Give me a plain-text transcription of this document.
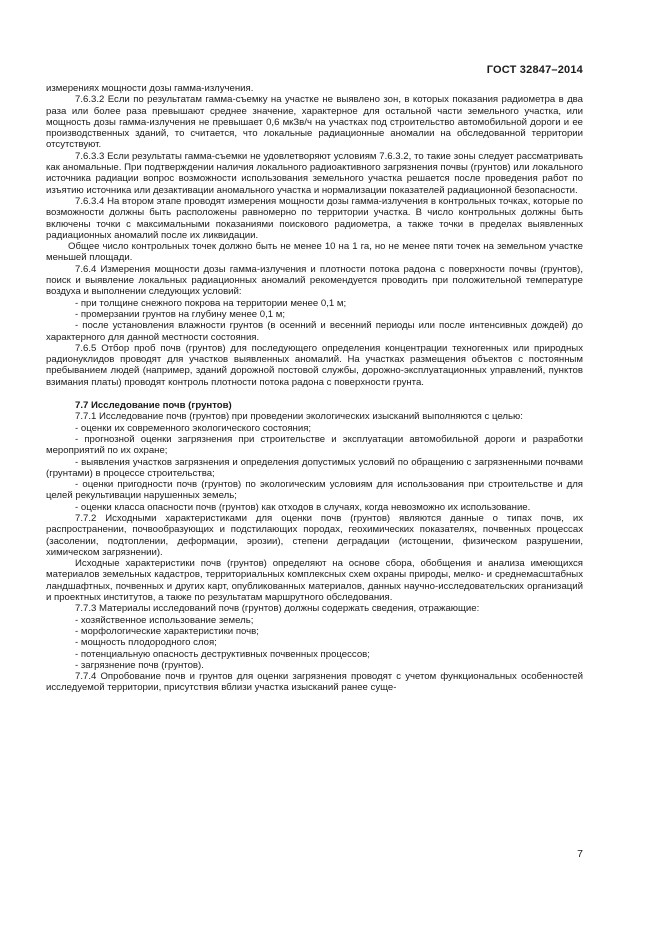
ГОСТ 32847–2014

измерениях мощности дозы гамма-излучения.

7.6.3.2 Если по результатам гамма-съемку на участке не выявлено зон, в которых показания радиометра в два раза или более раза превышают среднее значение, характерное для остальной части земельного участка, или мощность дозы гамма-излучения не превышает 0,6 мкЗв/ч на участках под строительство автомобильной дороги и ее производственных зданий, то считается, что локальные радиационные аномалии на обследованной территории отсутствуют.

7.6.3.3 Если результаты гамма-съемки не удовлетворяют условиям 7.6.3.2, то такие зоны следует рассматривать как аномальные. При подтверждении наличия локального радиоактивного загрязнения почвы (грунтов) или локального источника радиации вопрос возможности использования земельного участка решается после проведения работ по изъятию источника или дезактивации аномального участка и нормализации показателей радиационной безопасности.

7.6.3.4 На втором этапе проводят измерения мощности дозы гамма-излучения в контрольных точках, которые по возможности должны быть расположены равномерно по территории участка. В число контрольных должны быть включены точки с максимальными показаниями поискового радиометра, а также точки в пределах выявленных радиационных аномалий после их ликвидации.

Общее число контрольных точек должно быть не менее 10 на 1 га, но не менее пяти точек на земельном участке меньшей площади.

7.6.4 Измерения мощности дозы гамма-излучения и плотности потока радона с поверхности почвы (грунтов), поиск и выявление локальных радиационных аномалий рекомендуется проводить при положительной температуре воздуха и выполнении следующих условий:

- при толщине снежного покрова на территории менее 0,1 м;

- промерзании грунтов на глубину менее 0,1 м;

- после установления влажности грунтов (в осенний и весенний периоды или после интенсивных дождей) до характерного для данной местности состояния.

7.6.5 Отбор проб почв (грунтов) для последующего определения концентрации техногенных или природных радионуклидов проводят для участков выявленных аномалий. На участках размещения объектов с постоянным пребыванием людей (например, зданий дорожной постовой службы, дорожно-эксплуатационных управлений, пунктов взимания платы) проводят контроль плотности потока радона с поверхности грунта.

7.7 Исследование почв (грунтов)

7.7.1 Исследование почв (грунтов) при проведении экологических изысканий выполняются с целью:

- оценки их современного экологического состояния;

- прогнозной оценки загрязнения при строительстве и эксплуатации автомобильной дороги и разработки мероприятий по их охране;

- выявления участков загрязнения и определения допустимых условий по обращению с загрязненными почвами (грунтами) в процессе строительства;

- оценки пригодности почв (грунтов) по экологическим условиям для использования при строительстве и для целей рекультивации нарушенных земель;

- оценки класса опасности почв (грунтов) как отходов в случаях, когда невозможно их использование.

7.7.2 Исходными характеристиками для оценки почв (грунтов) являются данные о типах почв, их распространении, почвообразующих и подстилающих породах, геохимических показателях, почвенных процессах (засолении, подтоплении, деформации, эрозии), степени деградации (истощении, физическом разрушении, химическом загрязнении).

Исходные характеристики почв (грунтов) определяют на основе сбора, обобщения и анализа имеющихся материалов земельных кадастров, территориальных комплексных схем охраны природы, мелко- и среднемасштабных ландшафтных, почвенных и других карт, опубликованных материалов, данных научно-исследовательских организаций и проектных институтов, а также по результатам маршрутного обследования.

7.7.3 Материалы исследований почв (грунтов) должны содержать сведения, отражающие:

- хозяйственное использование земель;

- морфологические характеристики почв;

- мощность плодородного слоя;

- потенциальную опасность деструктивных почвенных процессов;

- загрязнение почв (грунтов).

7.7.4 Опробование почв и грунтов для оценки загрязнения проводят с учетом функциональных особенностей исследуемой территории, присутствия вблизи участка изысканий ранее суще-

7
